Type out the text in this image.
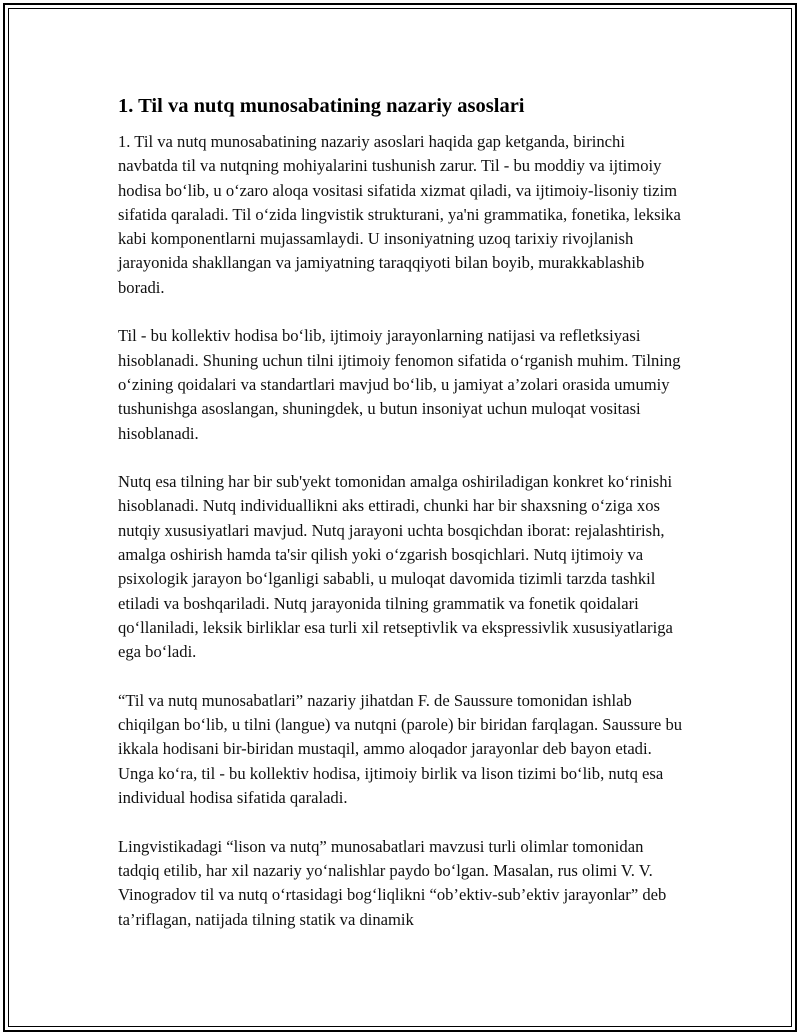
1. Til va nutq munosabatining nazariy asoslari

1. Til va nutq munosabatining nazariy asoslari haqida gap ketganda, birinchi navbatda til va nutqning mohiyalarini tushunish zarur. Til - bu moddiy va ijtimoiy hodisa bo‘lib, u o‘zaro aloqa vositasi sifatida xizmat qiladi, va ijtimoiy-lisoniy tizim sifatida qaraladi. Til o‘zida lingvistik strukturani, ya'ni grammatika, fonetika, leksika kabi komponentlarni mujassamlaydi. U insoniyatning uzoq tarixiy rivojlanish jarayonida shakllangan va jamiyatning taraqqiyoti bilan boyib, murakkablashib boradi.

Til - bu kollektiv hodisa bo‘lib, ijtimoiy jarayonlarning natijasi va refletksiyasi hisoblanadi. Shuning uchun tilni ijtimoiy fenomon sifatida o‘rganish muhim. Tilning o‘zining qoidalari va standartlari mavjud bo‘lib, u jamiyat a’zolari orasida umumiy tushunishga asoslangan, shuningdek, u butun insoniyat uchun muloqat vositasi hisoblanadi.

Nutq esa tilning har bir sub'yekt tomonidan amalga oshiriladigan konkret ko‘rinishi hisoblanadi. Nutq individuallikni aks ettiradi, chunki har bir shaxsning o‘ziga xos nutqiy xususiyatlari mavjud. Nutq jarayoni uchta bosqichdan iborat: rejalashtirish, amalga oshirish hamda ta'sir qilish yoki o‘zgarish bosqichlari. Nutq ijtimoiy va psixologik jarayon bo‘lganligi sababli, u muloqat davomida tizimli tarzda tashkil etiladi va boshqariladi. Nutq jarayonida tilning grammatik va fonetik qoidalari qo‘llaniladi, leksik birliklar esa turli xil retseptivlik va ekspressivlik xususiyatlariga ega bo‘ladi.

“Til va nutq munosabatlari” nazariy jihatdan F. de Saussure tomonidan ishlab chiqilgan bo‘lib, u tilni (langue) va nutqni (parole) bir biridan farqlagan. Saussure bu ikkala hodisani bir-biridan mustaqil, ammo aloqador jarayonlar deb bayon etadi. Unga ko‘ra, til - bu kollektiv hodisa, ijtimoiy birlik va lison tizimi bo‘lib, nutq esa individual hodisa sifatida qaraladi.

Lingvistikadagi “lison va nutq” munosabatlari mavzusi turli olimlar tomonidan tadqiq etilib, har xil nazariy yo‘nalishlar paydo bo‘lgan. Masalan, rus olimi V. V. Vinogradov til va nutq o‘rtasidagi bog‘liqlikni “ob’ektiv-sub’ektiv jarayonlar” deb ta’riflagan, natijada tilning statik va dinamik
